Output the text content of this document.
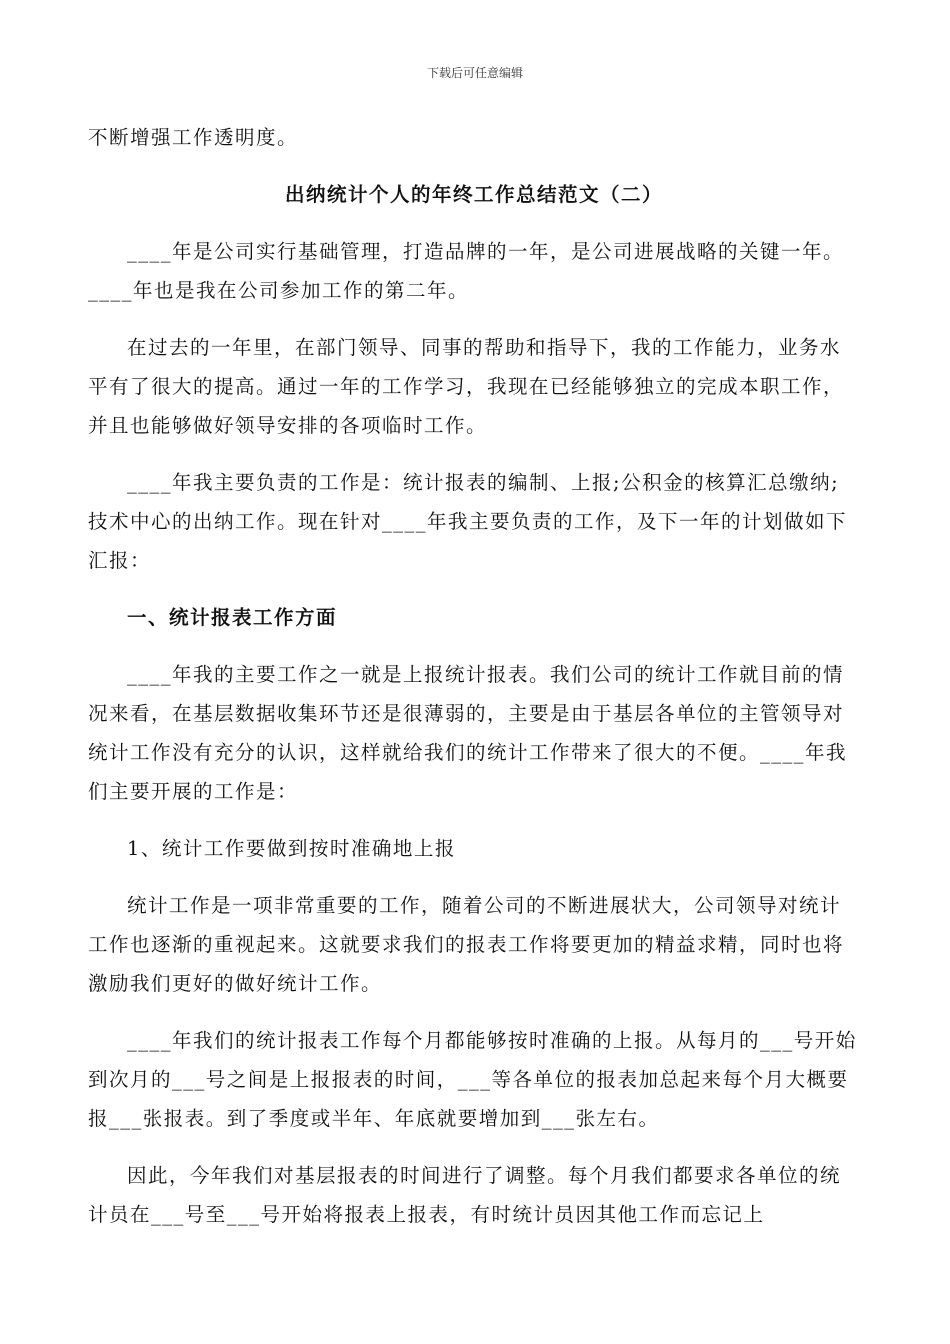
下载后可任意编辑

不断增强工作透明度。

出纳统计个人的年终工作总结范文（二）

____年是公司实行基础管理，打造品牌的一年，是公司进展战略的关键一年。____年也是我在公司参加工作的第二年。

在过去的一年里，在部门领导、同事的帮助和指导下，我的工作能力，业务水平有了很大的提高。通过一年的工作学习，我现在已经能够独立的完成本职工作，并且也能够做好领导安排的各项临时工作。

____年我主要负责的工作是：统计报表的编制、上报;公积金的核算汇总缴纳;技术中心的出纳工作。现在针对____年我主要负责的工作，及下一年的计划做如下汇报：

一、统计报表工作方面

____年我的主要工作之一就是上报统计报表。我们公司的统计工作就目前的情况来看，在基层数据收集环节还是很薄弱的，主要是由于基层各单位的主管领导对统计工作没有充分的认识，这样就给我们的统计工作带来了很大的不便。____年我们主要开展的工作是：

1、统计工作要做到按时准确地上报

统计工作是一项非常重要的工作，随着公司的不断进展状大，公司领导对统计工作也逐渐的重视起来。这就要求我们的报表工作将要更加的精益求精，同时也将激励我们更好的做好统计工作。

____年我们的统计报表工作每个月都能够按时准确的上报。从每月的___号开始到次月的___号之间是上报报表的时间，___等各单位的报表加总起来每个月大概要报___张报表。到了季度或半年、年底就要增加到___张左右。

因此，今年我们对基层报表的时间进行了调整。每个月我们都要求各单位的统计员在___号至___号开始将报表上报表，有时统计员因其他工作而忘记上
